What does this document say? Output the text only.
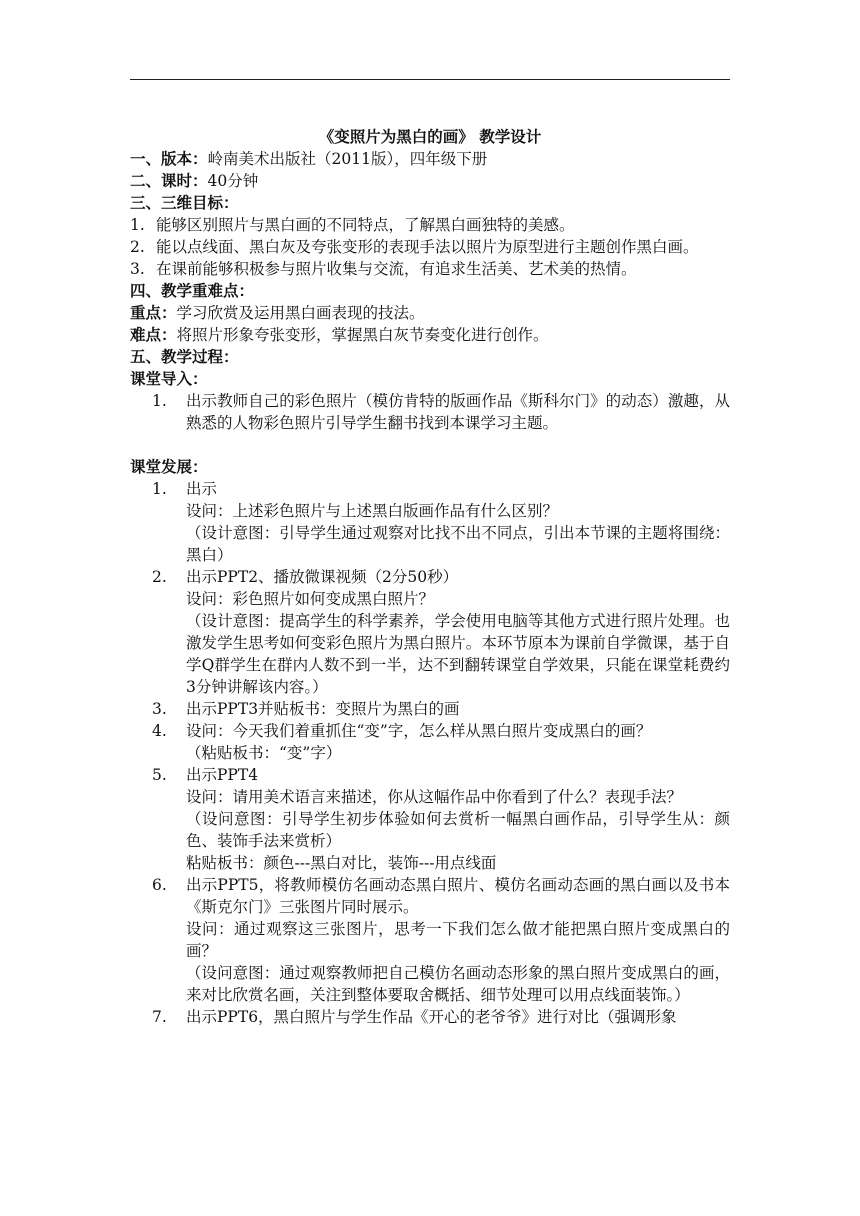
《变照片为黑白的画》 教学设计

一、版本：岭南美术出版社（2011版），四年级下册

二、课时：40分钟

三、三维目标：

1. 能够区别照片与黑白画的不同特点，了解黑白画独特的美感。
2. 能以点线面、黑白灰及夸张变形的表现手法以照片为原型进行主题创作黑白画。
3. 在课前能够积极参与照片收集与交流，有追求生活美、艺术美的热情。

四、教学重难点：

重点：学习欣赏及运用黑白画表现的技法。

难点：将照片形象夸张变形，掌握黑白灰节奏变化进行创作。

五、教学过程：

课堂导入：

1.	出示教师自己的彩色照片（模仿肯特的版画作品《斯科尔门》的动态）激趣，从熟悉的人物彩色照片引导学生翻书找到本课学习主题。

课堂发展：

1.	出示

设问：上述彩色照片与上述黑白版画作品有什么区别？

（设计意图：引导学生通过观察对比找不出不同点，引出本节课的主题将围绕：黑白）

2.	出示PPT2、播放微课视频（2分50秒）

设问：彩色照片如何变成黑白照片？

（设计意图：提高学生的科学素养，学会使用电脑等其他方式进行照片处理。也激发学生思考如何变彩色照片为黑白照片。本环节原本为课前自学微课，基于自学Q群学生在群内人数不到一半，达不到翻转课堂自学效果，只能在课堂耗费约3分钟讲解该内容。）

3.	出示PPT3并贴板书：变照片为黑白的画

4.	设问：今天我们着重抓住“变”字，怎么样从黑白照片变成黑白的画？

（粘贴板书：“变”字）

5.	出示PPT4

设问：请用美术语言来描述，你从这幅作品中你看到了什么？表现手法？

（设问意图：引导学生初步体验如何去赏析一幅黑白画作品，引导学生从：颜色、装饰手法来赏析）

粘贴板书：颜色---黑白对比，装饰---用点线面

6.	出示PPT5，将教师模仿名画动态黑白照片、模仿名画动态画的黑白画以及书本《斯克尔门》三张图片同时展示。

设问：通过观察这三张图片，思考一下我们怎么做才能把黑白照片变成黑白的画？

（设问意图：通过观察教师把自己模仿名画动态形象的黑白照片变成黑白的画，来对比欣赏名画，关注到整体要取舍概括、细节处理可以用点线面装饰。）

7.	出示PPT6，黑白照片与学生作品《开心的老爷爷》进行对比（强调形象
